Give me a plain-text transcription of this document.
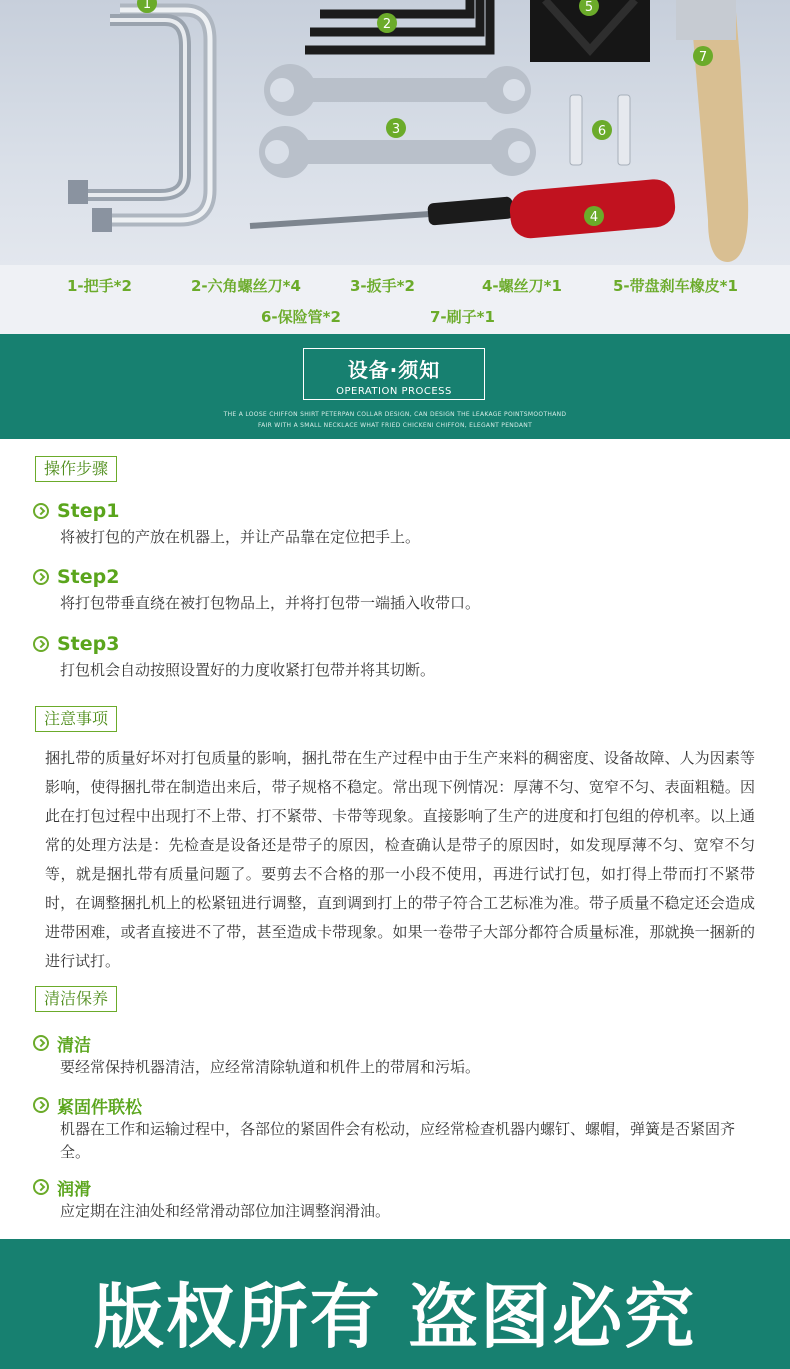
1
2
3
4
5
6
7
1-把手*2	2-六角螺丝刀*4	3-扳手*2	4-螺丝刀*1	5-带盘刹车橡皮*1
6-保险管*2	7-刷子*1
设备·须知
OPERATION PROCESS
THE A LOOSE CHIFFON SHIRT PETERPAN COLLAR DESIGN, CAN DESIGN THE LEAKAGE POINTSMOOTHAND
FAIR WITH A SMALL NECKLACE WHAT FRIED CHICKENI CHIFFON, ELEGANT PENDANT
操作步骤
Step1
将被打包的产放在机器上，并让产品靠在定位把手上。
Step2
将打包带垂直绕在被打包物品上，并将打包带一端插入收带口。
Step3
打包机会自动按照设置好的力度收紧打包带并将其切断。
注意事项
捆扎带的质量好坏对打包质量的影响，捆扎带在生产过程中由于生产来料的稠密度、设备故障、人为因素等影响，使得捆扎带在制造出来后，带子规格不稳定。常出现下例情况：厚薄不匀、宽窄不匀、表面粗糙。因此在打包过程中出现打不上带、打不紧带、卡带等现象。直接影响了生产的进度和打包组的停机率。以上通常的处理方法是：先检查是设备还是带子的原因，检查确认是带子的原因时，如发现厚薄不匀、宽窄不匀等，就是捆扎带有质量问题了。要剪去不合格的那一小段不使用，再进行试打包，如打得上带而打不紧带时，在调整捆扎机上的松紧钮进行调整，直到调到打上的带子符合工艺标准为准。带子质量不稳定还会造成进带困难，或者直接进不了带，甚至造成卡带现象。如果一卷带子大部分都符合质量标准，那就换一捆新的进行试打。
清洁保养
清洁
要经常保持机器清洁，应经常清除轨道和机件上的带屑和污垢。
紧固件联松
机器在工作和运输过程中，各部位的紧固件会有松动，应经常检查机器内螺钉、螺帽，弹簧是否紧固齐全。
润滑
应定期在注油处和经常滑动部位加注调整润滑油。
版权所有 盗图必究
